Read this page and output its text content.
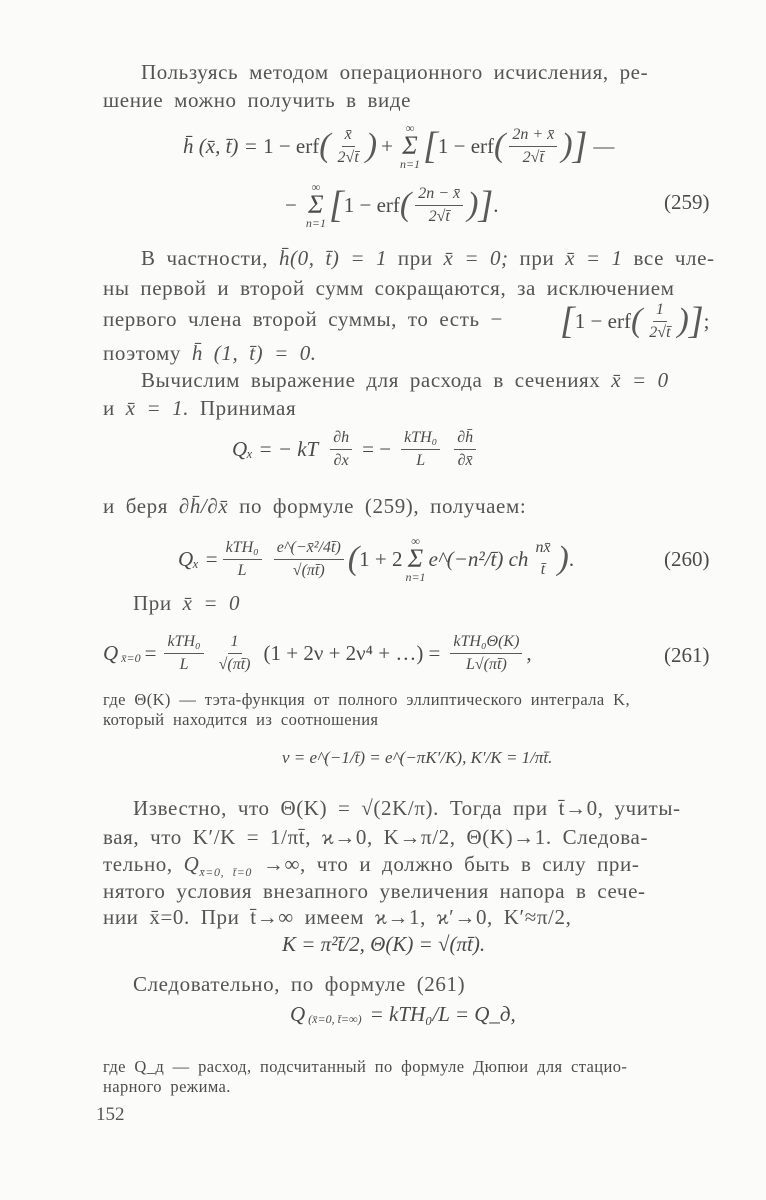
Пользуясь методом операционного исчисления, ре-
шение можно получить в виде
h̄ (x̄, t̄) =
1 − erf ( $\frac{x̄}{2√t̄}$ ) +
∞
Σ
n=1 [ 1 − erf ( $\frac{2n + x̄}{2√t̄}$ ) ] —
−
∞
Σ
n=1 [ 1 − erf ( $\frac{2n - x̄}{2√t̄}$ ) ] .	(259)
В частности, h̄(0, t̄) = 1 при x̄ = 0; при x̄ = 1 все чле-
ны первой и второй сумм сокращаются, за исключением
первого члена второй суммы, то есть − [ 1 − erf ( $\frac{1}{2√t̄}$ ) ] ;
поэтому h̄ (1, t̄) = 0.
Вычислим выражение для расхода в сечениях x̄ = 0
и x̄ = 1. Принимая
Qₓ = − kT $\frac{\partial h}{\partial x}$ = − $\frac{\text{kTH₀}}{L} \frac{\partial h̄}{\partial x̄}$
и беря ∂h̄/∂x̄ по формуле (259), получаем:
$Q_x = \frac{\text{kTH₀}}{L} \frac{\text{e\textasciicircum{}(−x̄²/4t̄)}}{√(\pi t̄)}$ ( 1 + 2
∞
Σ
n=1
e^(−n²/t̄) ch nx̄
t̄ ) .	(260)
При x̄ = 0
Q $_{x̄=0} = \frac{\text{kTH₀}}{L} \frac{1}{√(\pi t̄)} (1 + 2\nu + 2\nu^4$ + …) = $\frac{\text{kTH₀Θ(K)}}{L√(\pi t̄)}$ ,	(261)
где Θ(K) — тэта-функция от полного эллиптического интеграла K,
который находится из соотношения
ν = e^(−1/t̄) = e^(−πK′/K), K′/K = 1/πt̄.
Известно, что Θ(K) = √(2K/π). Тогда при t̄→0, учиты-
вая, что K′/K = 1/πt̄, ϰ→0, K→π/2, Θ(K)→1. Следова-
тельно, $Q_{x̄=0, t̄=0}$ →∞, что и должно быть в силу при-
нятого условия внезапного увеличения напора в сече-
нии x̄=0. При t̄→∞ имеем ϰ→1, ϰ′→0, K′≈π/2,
K = π²t̄/2, Θ(K) = √(πt̄).
Следовательно, по формуле (261)
Q $_{(x̄=0, t̄=\infty)}$ = kTH₀/L = Q_д,
где Q_д — расход, подсчитанный по формуле Дюпюи для стацио-
нарного режима.
152
